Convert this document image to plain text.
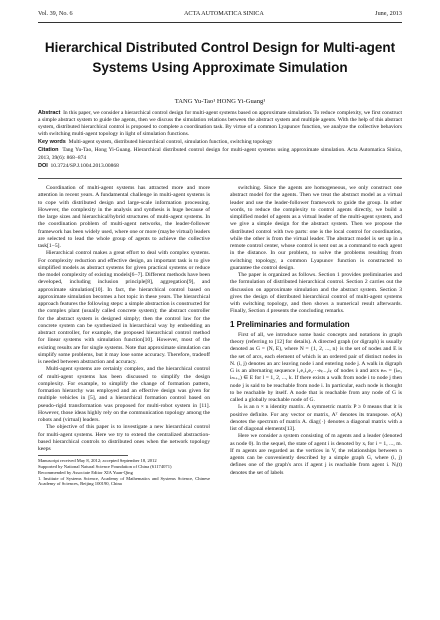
Vol. 39, No. 6	ACTA AUTOMATICA SINICA	June, 2013
Hierarchical Distributed Control Design for Multi-agent Systems Using Approximate Simulation
TANG Yu-Tao¹ HONG Yi-Guang¹
Abstract In this paper, we consider a hierarchical control design for multi-agent systems based on approximate simulation. To reduce complexity, we first construct a simple abstract system to guide the agents, then we discuss the simulation relations between the abstract system and multiple agents. With the help of this abstract system, distributed hierarchical control is proposed to complete a coordination task. By virtue of a common Lyapunov function, we analyze the collective behaviors with switching multi-agent topology in light of simulation functions.
Key words Multi-agent system, distributed hierarchical control, simulation function, switching topology
Citation Tang Yu-Tao, Hong Yi-Guang. Hierarchical distributed control design for multi-agent systems using approximate simulation. Acta Automatica Sinica, 2013, 39(6): 868−874
DOI 10.3724/SP.J.1004.2013.00868

Coordination of multi-agent systems has attracted more and more attention in recent years. A fundamental challenge in multi-agent systems is to cope with distributed design and large-scale information processing. However, the complexity in the analysis and synthesis is huge because of the large sizes and hierarchical/hybrid structures of multi-agent systems. In the coordination problem of multi-agent networks, the leader-follower framework has been widely used, where one or more (maybe virtual) leaders are selected to lead the whole group of agents to achieve the collective task[1−5].

Hierarchical control makes a great effort to deal with complex systems. For complexity reduction and effective design, an important task is to give simplified models as abstract systems for given practical systems or reduce the model complexity of existing models[6−7]. Different methods have been developed, including inclusion principle[8], aggregation[9], and approximate simulation[10]. In fact, the hierarchical control based on approximate simulation becomes a hot topic in these years. The hierarchical approach features the following steps: a simple abstraction is constructed for the complex plant (usually called concrete system); the abstract controller for the abstract system is designed simply; then the control law for the concrete system can be synthesized in hierarchical way by embedding an abstract controller, for example, the proposed hierarchical control method for linear systems with simulation function[10]. However, most of the existing results are for single systems. Note that approximate simulation can simplify some problems, but it may lose some accuracy. Therefore, tradeoff is needed between abstraction and accuracy.

Multi-agent systems are certainly complex, and the hierarchical control of multi-agent systems has been discussed to simplify the design complexity. For example, to simplify the change of formation pattern, formation hierarchy was employed and an effective design was given for multiple vehicles in [5], and a hierarchical formation control based on pseudo-rigid transformation was proposed for multi-robot system in [11]. However, those ideas highly rely on the communication topology among the robots and (virtual) leaders.

The objective of this paper is to investigate a new hierarchical control for multi-agent systems. Here we try to extend the centralized abstraction-based hierarchical controls to distributed ones when the network topology keeps

Manuscript received May 8, 2012; accepted September 18, 2012

Supported by National Natural Science Foundation of China (61174071)

Recommended by Associate Editor XIA Yuan-Qing

1. Institute of Systems Science, Academy of Mathematics and Systems Science, Chinese Academy of Sciences, Beijing 100190, China

switching. Since the agents are homogeneous, we only construct one abstract model for the agents. Then we treat the abstract model as a virtual leader and use the leader-follower framework to guide the group. In other words, to reduce the complexity to control agents directly, we build a simplified model of agents as a virtual leader of the multi-agent system, and we give a simple design for the abstract system. Then we propose the distributed control with two parts: one is the local control for coordination, while the other is from the virtual leader. The abstract model is set up in a remote control center, whose control is sent out as a command to each agent in the distance. In our problem, to solve the problems resulting from switching topology, a common Lyapunov function is constructed to guarantee the control design.

The paper is organized as follows. Section 1 provides preliminaries and the formulation of distributed hierarchical control. Section 2 carries out the discussion on approximate simulation and the abstract system. Section 3 gives the design of distributed hierarchical control of multi-agent systems with switching topology, and then shows a numerical result afterwards. Finally, Section 4 presents the concluding remarks.

1 Preliminaries and formulation

First of all, we introduce some basic concepts and notations in graph theory (referring to [12] for details). A directed graph (or digraph) is usually denoted as G = (N, E), where N = {1, 2, ..., n} is the set of nodes and E is the set of arcs, each element of which is an ordered pair of distinct nodes in N. (i, j) denotes an arc leaving node i and entering node j. A walk in digraph G is an alternating sequence i₁e₁i₂e₂···eₖ₋₁iₖ of nodes iₗ and arcs eₘ = (iₘ, iₘ₊₁) ∈ E for l = 1, 2, ..., k. If there exists a walk from node i to node j then node j is said to be reachable from node i. In particular, each node is thought to be reachable by itself. A node that is reachable from any node of G is called a globally reachable node of G.

Iₙ is an n × n identity matrix. A symmetric matrix P ≥ 0 means that it is positive definite. For any vector or matrix, Aᵀ denotes its transpose. σ(A) denotes the spectrum of matrix A. diag{·} denotes a diagonal matrix with a list of diagonal elements[13].

Here we consider a system consisting of m agents and a leader (denoted as node 0). In the sequel, the state of agent i is denoted by xᵢ for i = 1, ..., m. If m agents are regarded as the vertices in V, the relationships between n agents can be conveniently described by a simple graph G, where (i, j) defines one of the graph's arcs if agent j is reachable from agent i. Nᵢ(t) denotes the set of labels
